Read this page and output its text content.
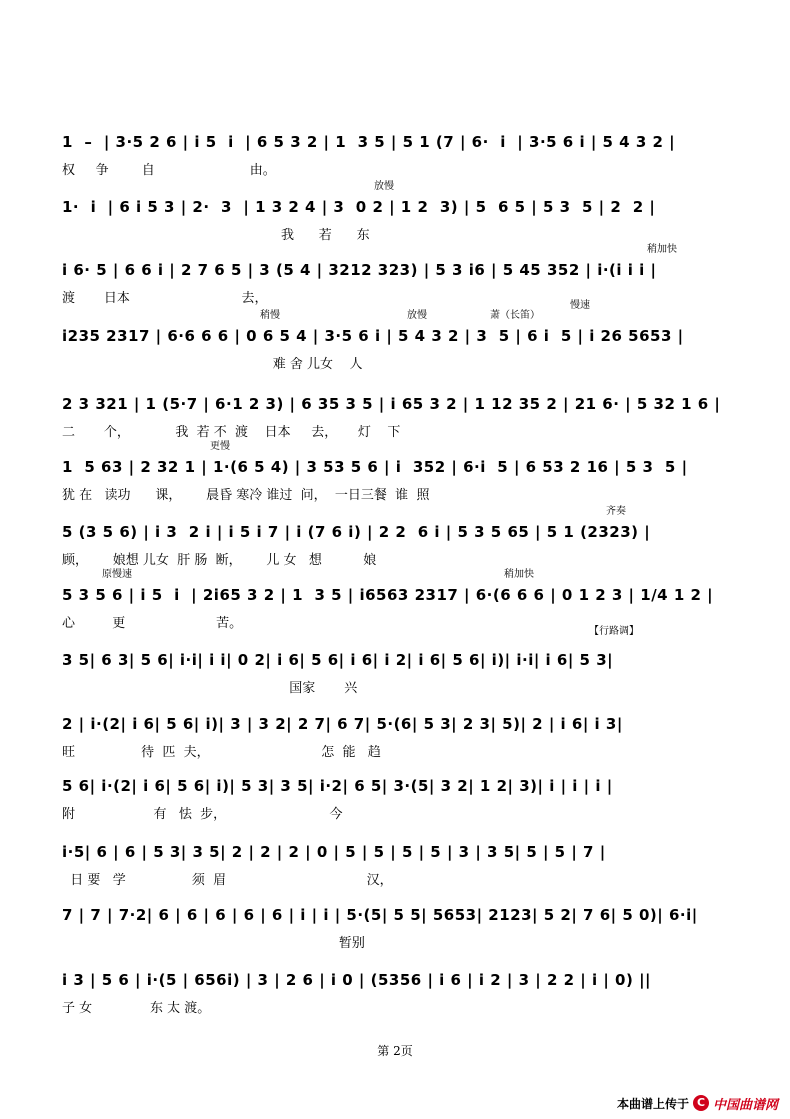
1  –  | 3·5 2 6 | i 5  i  | 6 5 3 2 | 1  3 5 | 5 1 (7 | 6·  i  | 3·5 6 i | 5 4 3 2 |
权     争        自                       由。
放慢
1·  i  | 6 i 5 3 | 2·  3  | 1 3 2 4 | 3  0 2 | 1 2  3) | 5  6 5 | 5 3  5 | 2  2 |
我      若      东
稍加快
i 6· 5 | 6 6 i | 2 7 6 5 | 3 (5 4 | 3212 323) | 5 3 i6 | 5 45 352 | i·(i i i |
渡       日本                           去，
稍慢	放慢	萧（长笛）
慢速
i235 2317 | 6·6 6 6 | 0 6 5 4 | 3·5 6 i | 5 4 3 2 | 3  5 | 6 i  5 | i 26 5653 |
难 舍 儿女    人
2 3 321 | 1 (5·7 | 6·1 2 3) | 6 35 3 5 | i 65 3 2 | 1 12 35 2 | 21 6· | 5 32 1 6 |
二       个，           我  若 不  渡    日本     去，     灯    下
更慢
1  5 63 | 2 32 1 | 1·(6 5 4) | 3 53 5 6 | i  352 | 6·i  5 | 6 53 2 16 | 5 3  5 |
犹 在   读功      课，      晨昏 寒冷 谁过  问，  一日三餐  谁  照
齐奏
5 (3 5 6) | i 3  2 i | i 5 i 7 | i (7 6 i) | 2 2  6 i | 5 3 5 65 | 5 1 (2323) |
顾，      娘想 儿女  肝 肠  断，      儿 女   想          娘
原慢速	稍加快
5 3 5 6 | i 5  i  | 2i65 3 2 | 1  3 5 | i6563 2317 | 6·(6 6 6 | 0 1 2 3 | 1/4 1 2 |
心         更                      苦。
【行路调】
3 5| 6 3| 5 6| i·i| i i| 0 2| i 6| 5 6| i 6| i 2| i 6| 5 6| i)| i·i| i 6| 5 3|
国家       兴
2 | i·(2| i 6| 5 6| i)| 3 | 3 2| 2 7| 6 7| 5·(6| 5 3| 2 3| 5)| 2 | i 6| i 3|
旺                待  匹  夫，                           怎  能   趋
5 6| i·(2| i 6| 5 6| i)| 5 3| 3 5| i·2| 6 5| 3·(5| 3 2| 1 2| 3)| i | i | i |
附                   有   怯  步，                         今
i·5| 6 | 6 | 5 3| 3 5| 2 | 2 | 2 | 0 | 5 | 5 | 5 | 5 | 3 | 3 5| 5 | 5 | 7 |
日 要   学                须  眉                                  汉，
7 | 7 | 7·2| 6 | 6 | 6 | 6 | 6 | i | i | 5·(5| 5 5| 5653| 2123| 5 2| 7 6| 5 0)| 6·i|
暂别
i 3 | 5 6 | i·(5 | 656i) | 3 | 2 6 | i 0 | (5356 | i 6 | i 2 | 3 | 2 2 | i | 0) ||
子 女              东 太 渡。
第 2页
本曲谱上传于 C 中国曲谱网
